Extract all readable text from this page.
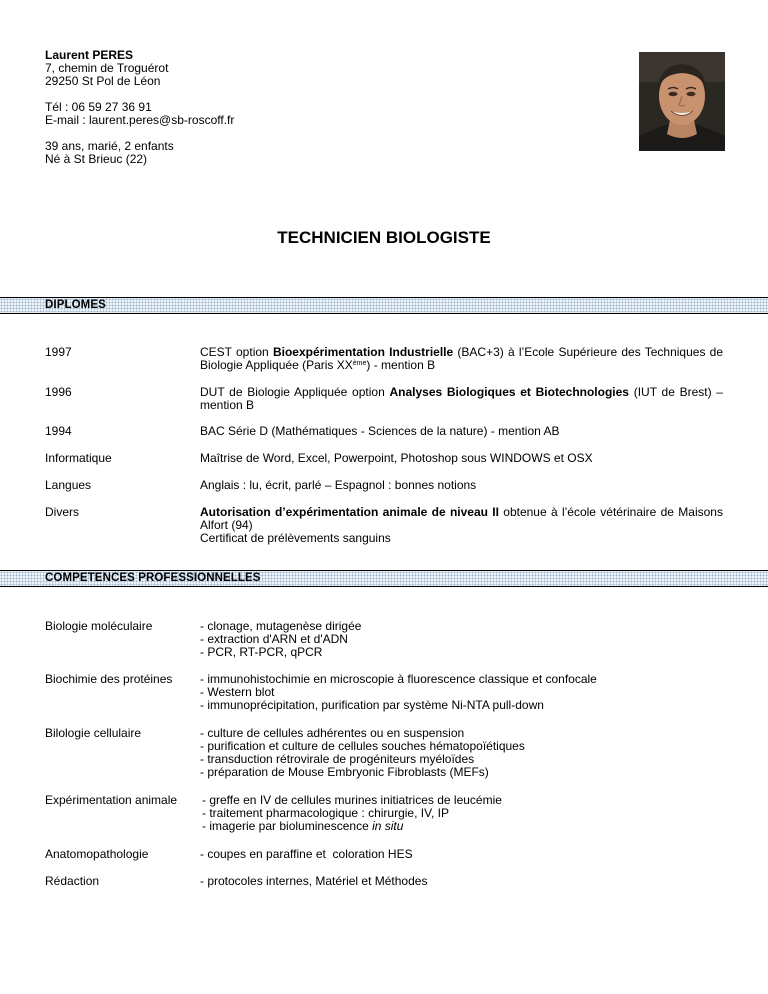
Laurent PERES
7, chemin de Troguérot
29250 St Pol de Léon
Tél : 06 59 27 36 91
E-mail : laurent.peres@sb-roscoff.fr
39 ans, marié, 2 enfants
Né à St Brieuc (22)
TECHNICIEN BIOLOGISTE
DIPLOMES
1997	CEST option Bioexpérimentation Industrielle (BAC+3) à l’Ecole Supérieure des Techniques de Biologie Appliquée (Paris XXème) - mention B
1996	DUT de Biologie Appliquée option Analyses Biologiques et Biotechnologies (IUT de Brest) – mention B
1994	BAC Série D (Mathématiques - Sciences de la nature) - mention AB
Informatique	Maîtrise de Word, Excel, Powerpoint, Photoshop sous WINDOWS et OSX
Langues	Anglais : lu, écrit, parlé – Espagnol : bonnes notions
Divers	Autorisation d’expérimentation animale de niveau II obtenue à l’école vétérinaire de Maisons Alfort (94)
Certificat de prélèvements sanguins
COMPETENCES PROFESSIONNELLES
Biologie moléculaire	- clonage, mutagenèse dirigée
- extraction d'ARN et d'ADN
- PCR, RT-PCR, qPCR
Biochimie des protéines	- immunohistochimie en microscopie à fluorescence classique et confocale
- Western blot
- immunoprécipitation, purification par système Ni-NTA pull-down
Bilologie cellulaire	- culture de cellules adhérentes ou en suspension
- purification et culture de cellules souches hématopoïétiques
- transduction rétrovirale de progéniteurs myéloïdes
- préparation de Mouse Embryonic Fibroblasts (MEFs)
Expérimentation animale	- greffe en IV de cellules murines initiatrices de leucémie
- traitement pharmacologique : chirurgie, IV, IP
- imagerie par bioluminescence in situ
Anatomopathologie	- coupes en paraffine et  coloration HES
Rédaction	- protocoles internes, Matériel et Méthodes
